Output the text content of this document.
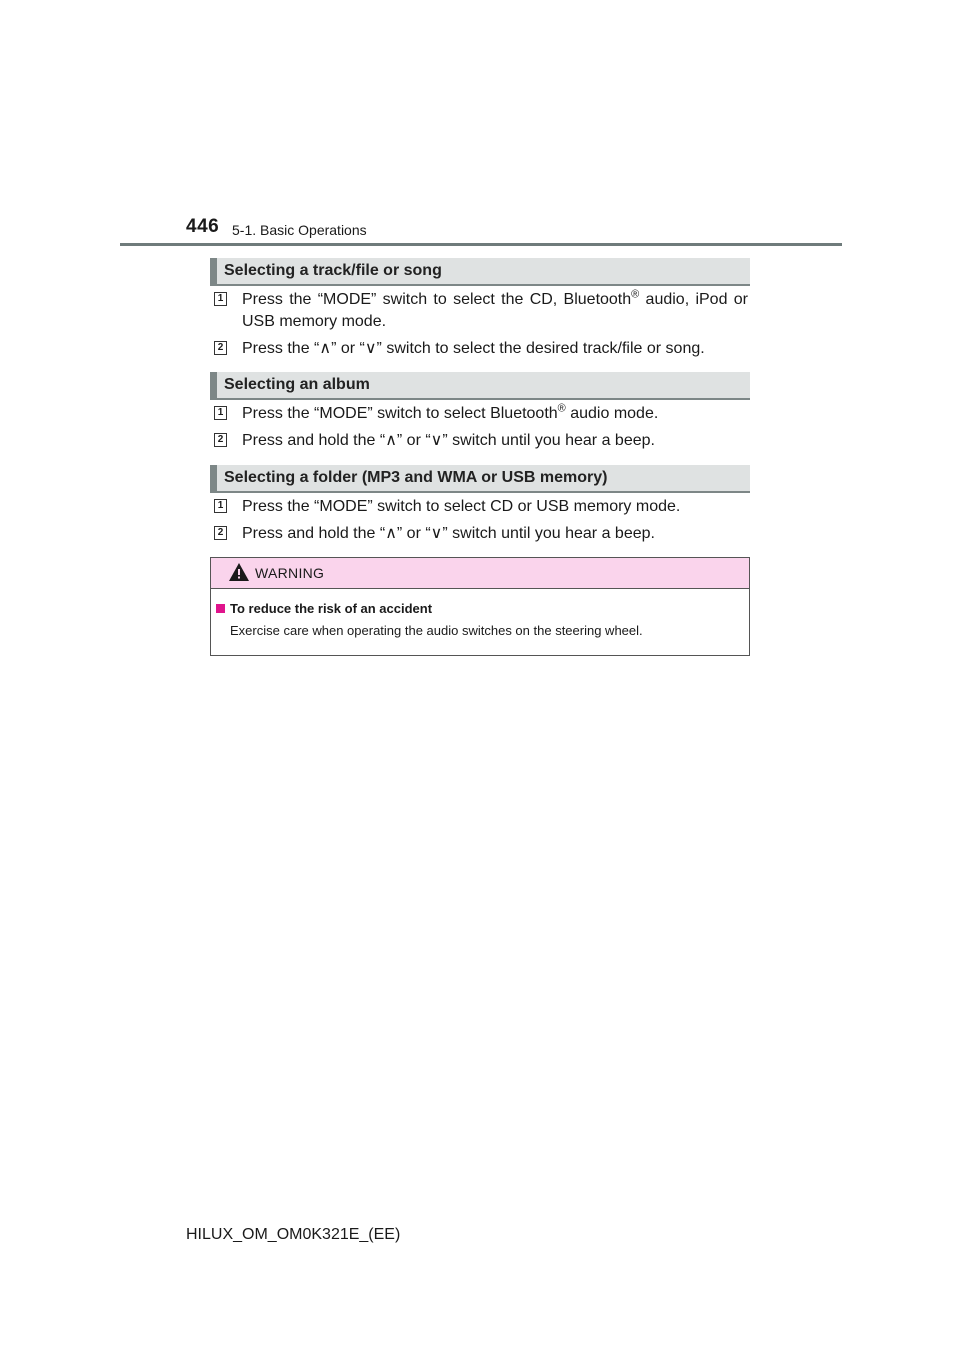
446 5-1. Basic Operations
Selecting a track/file or song
1 Press the “MODE” switch to select the CD, Bluetooth® audio, iPod or USB memory mode.
2 Press the “∧” or “∨” switch to select the desired track/file or song.
Selecting an album
1 Press the “MODE” switch to select Bluetooth® audio mode.
2 Press and hold the “∧” or “∨” switch until you hear a beep.
Selecting a folder (MP3 and WMA or USB memory)
1 Press the “MODE” switch to select CD or USB memory mode.
2 Press and hold the “∧” or “∨” switch until you hear a beep.
WARNING
To reduce the risk of an accident
Exercise care when operating the audio switches on the steering wheel.
HILUX_OM_OM0K321E_(EE)
